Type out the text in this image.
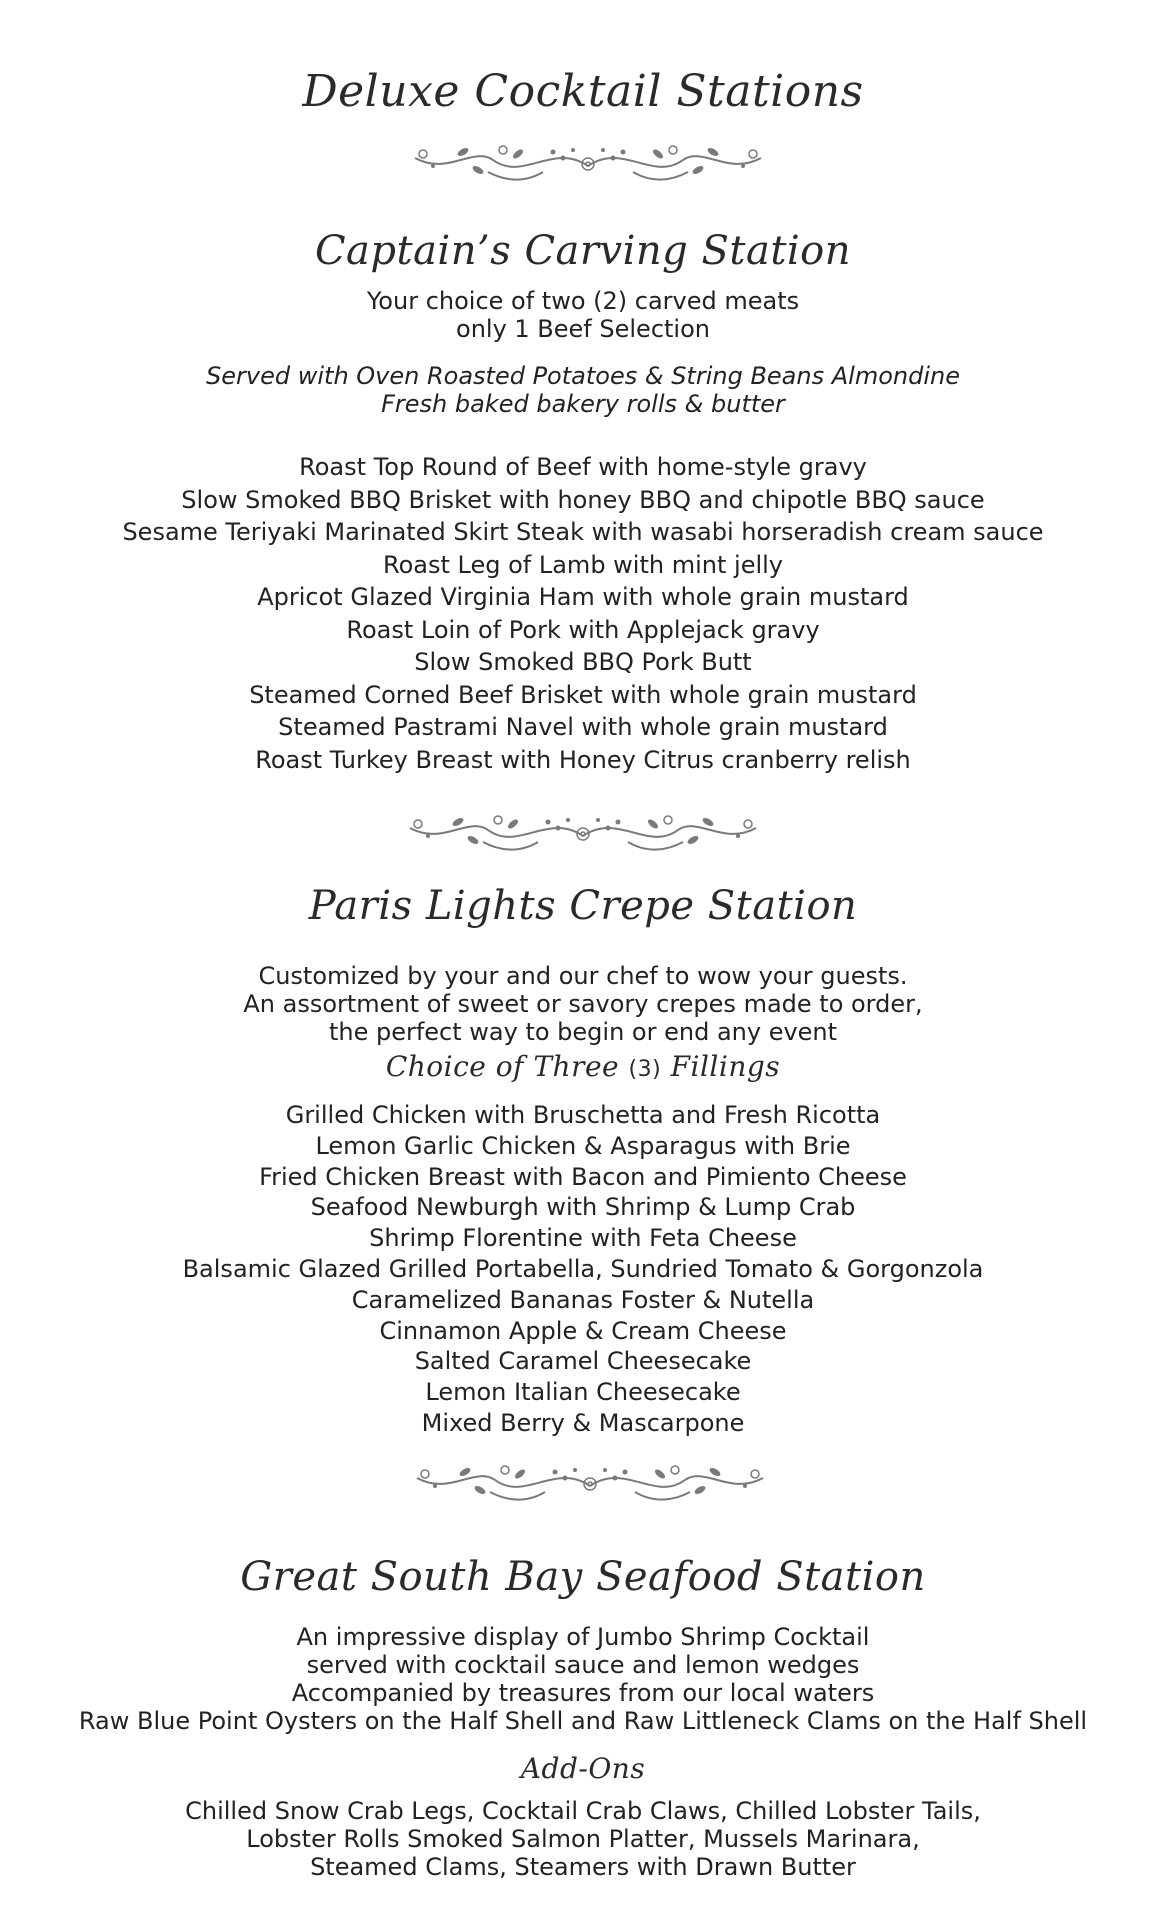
Deluxe Cocktail Stations
Captain’s Carving Station
Your choice of two (2) carved meats
only 1 Beef Selection
Served with Oven Roasted Potatoes & String Beans Almondine
Fresh baked bakery rolls & butter
Roast Top Round of Beef with home-style gravy
Slow Smoked BBQ Brisket with honey BBQ and chipotle BBQ sauce
Sesame Teriyaki Marinated Skirt Steak with wasabi horseradish cream sauce
Roast Leg of Lamb with mint jelly
Apricot Glazed Virginia Ham with whole grain mustard
Roast Loin of Pork with Applejack gravy
Slow Smoked BBQ Pork Butt
Steamed Corned Beef Brisket with whole grain mustard
Steamed Pastrami Navel with whole grain mustard
Roast Turkey Breast with Honey Citrus cranberry relish
Paris Lights Crepe Station
Customized by your and our chef to wow your guests.
An assortment of sweet or savory crepes made to order,
the perfect way to begin or end any event
Choice of Three (3) Fillings
Grilled Chicken with Bruschetta and Fresh Ricotta
Lemon Garlic Chicken & Asparagus with Brie
Fried Chicken Breast with Bacon and Pimiento Cheese
Seafood Newburgh with Shrimp & Lump Crab
Shrimp Florentine with Feta Cheese
Balsamic Glazed Grilled Portabella, Sundried Tomato & Gorgonzola
Caramelized Bananas Foster & Nutella
Cinnamon Apple & Cream Cheese
Salted Caramel Cheesecake
Lemon Italian Cheesecake
Mixed Berry & Mascarpone
Great South Bay Seafood Station
An impressive display of Jumbo Shrimp Cocktail
served with cocktail sauce and lemon wedges
Accompanied by treasures from our local waters
Raw Blue Point Oysters on the Half Shell and Raw Littleneck Clams on the Half Shell
Add-Ons
Chilled Snow Crab Legs, Cocktail Crab Claws, Chilled Lobster Tails,
Lobster Rolls Smoked Salmon Platter, Mussels Marinara,
Steamed Clams, Steamers with Drawn Butter
